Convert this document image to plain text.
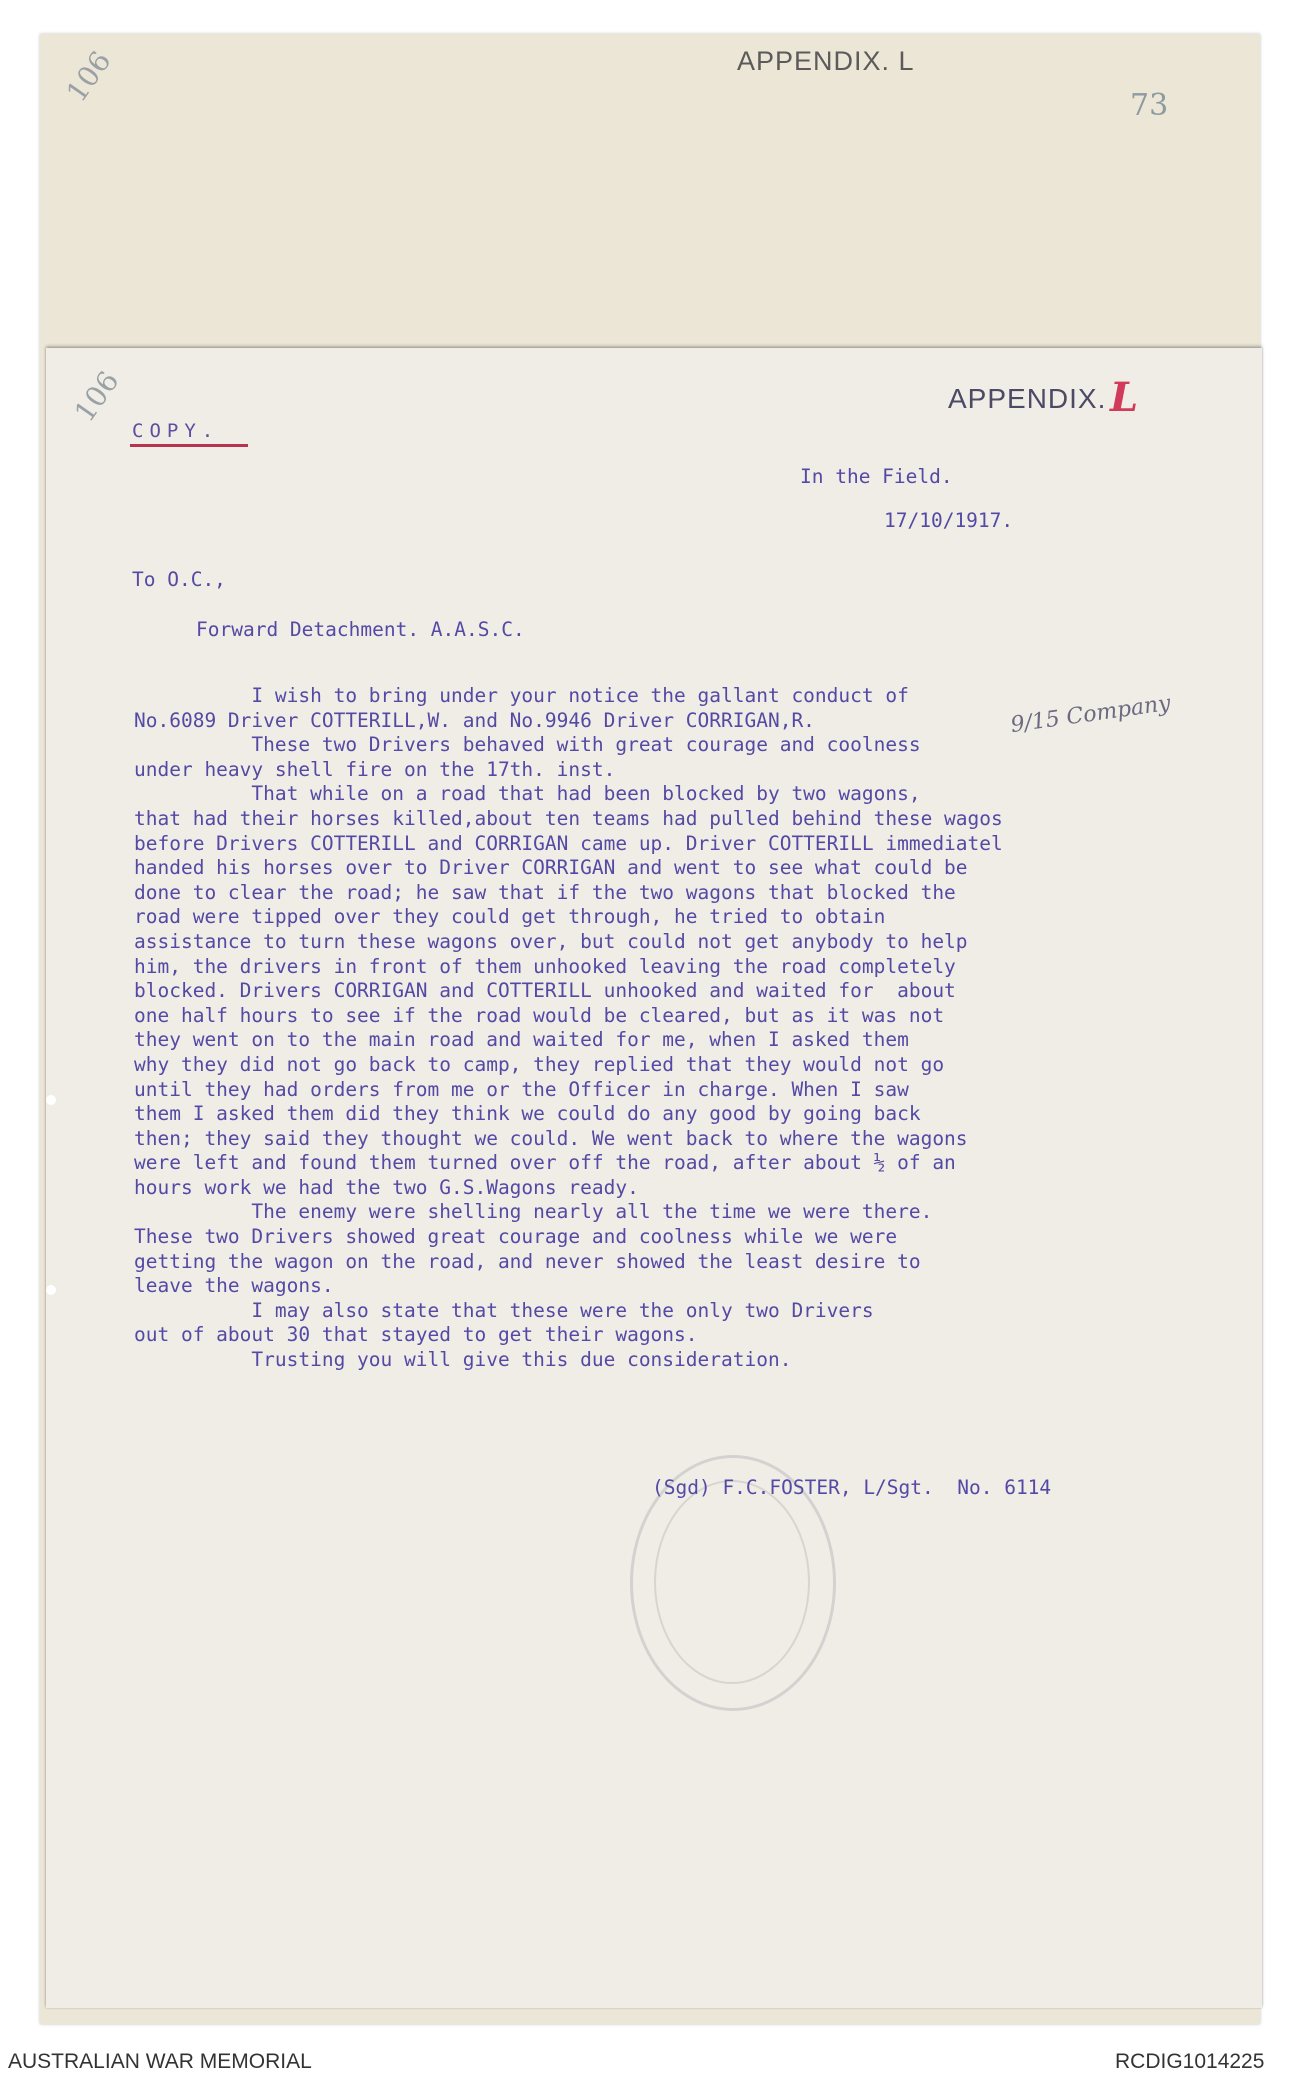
106	APPENDIX. L
73
106	APPENDIX. L
COPY.
In the Field.
17/10/1917.
To O.C.,
Forward Detachment. A.A.S.C.
I wish to bring under your notice the gallant conduct of
No.6089 Driver COTTERILL,W. and No.9946 Driver CORRIGAN,R.
These two Drivers behaved with great courage and coolness
under heavy shell fire on the 17th. inst.
That while on a road that had been blocked by two wagons,
that had their horses killed,about ten teams had pulled behind these wagos
before Drivers COTTERILL and CORRIGAN came up. Driver COTTERILL immediatel
handed his horses over to Driver CORRIGAN and went to see what could be
done to clear the road; he saw that if the two wagons that blocked the
road were tipped over they could get through, he tried to obtain
assistance to turn these wagons over, but could not get anybody to help
him, the drivers in front of them unhooked leaving the road completely
blocked. Drivers CORRIGAN and COTTERILL unhooked and waited for  about
one half hours to see if the road would be cleared, but as it was not
they went on to the main road and waited for me, when I asked them
why they did not go back to camp, they replied that they would not go
until they had orders from me or the Officer in charge. When I saw
them I asked them did they think we could do any good by going back
then; they said they thought we could. We went back to where the wagons
were left and found them turned over off the road, after about ½ of an
hours work we had the two G.S.Wagons ready.
The enemy were shelling nearly all the time we were there.
These two Drivers showed great courage and coolness while we were
getting the wagon on the road, and never showed the least desire to
leave the wagons.
I may also state that these were the only two Drivers
out of about 30 that stayed to get their wagons.
Trusting you will give this due consideration.
9/15 Company
(Sgd) F.C.FOSTER, L/Sgt.  No. 6114
AUSTRALIAN WAR MEMORIAL	RCDIG1014225
